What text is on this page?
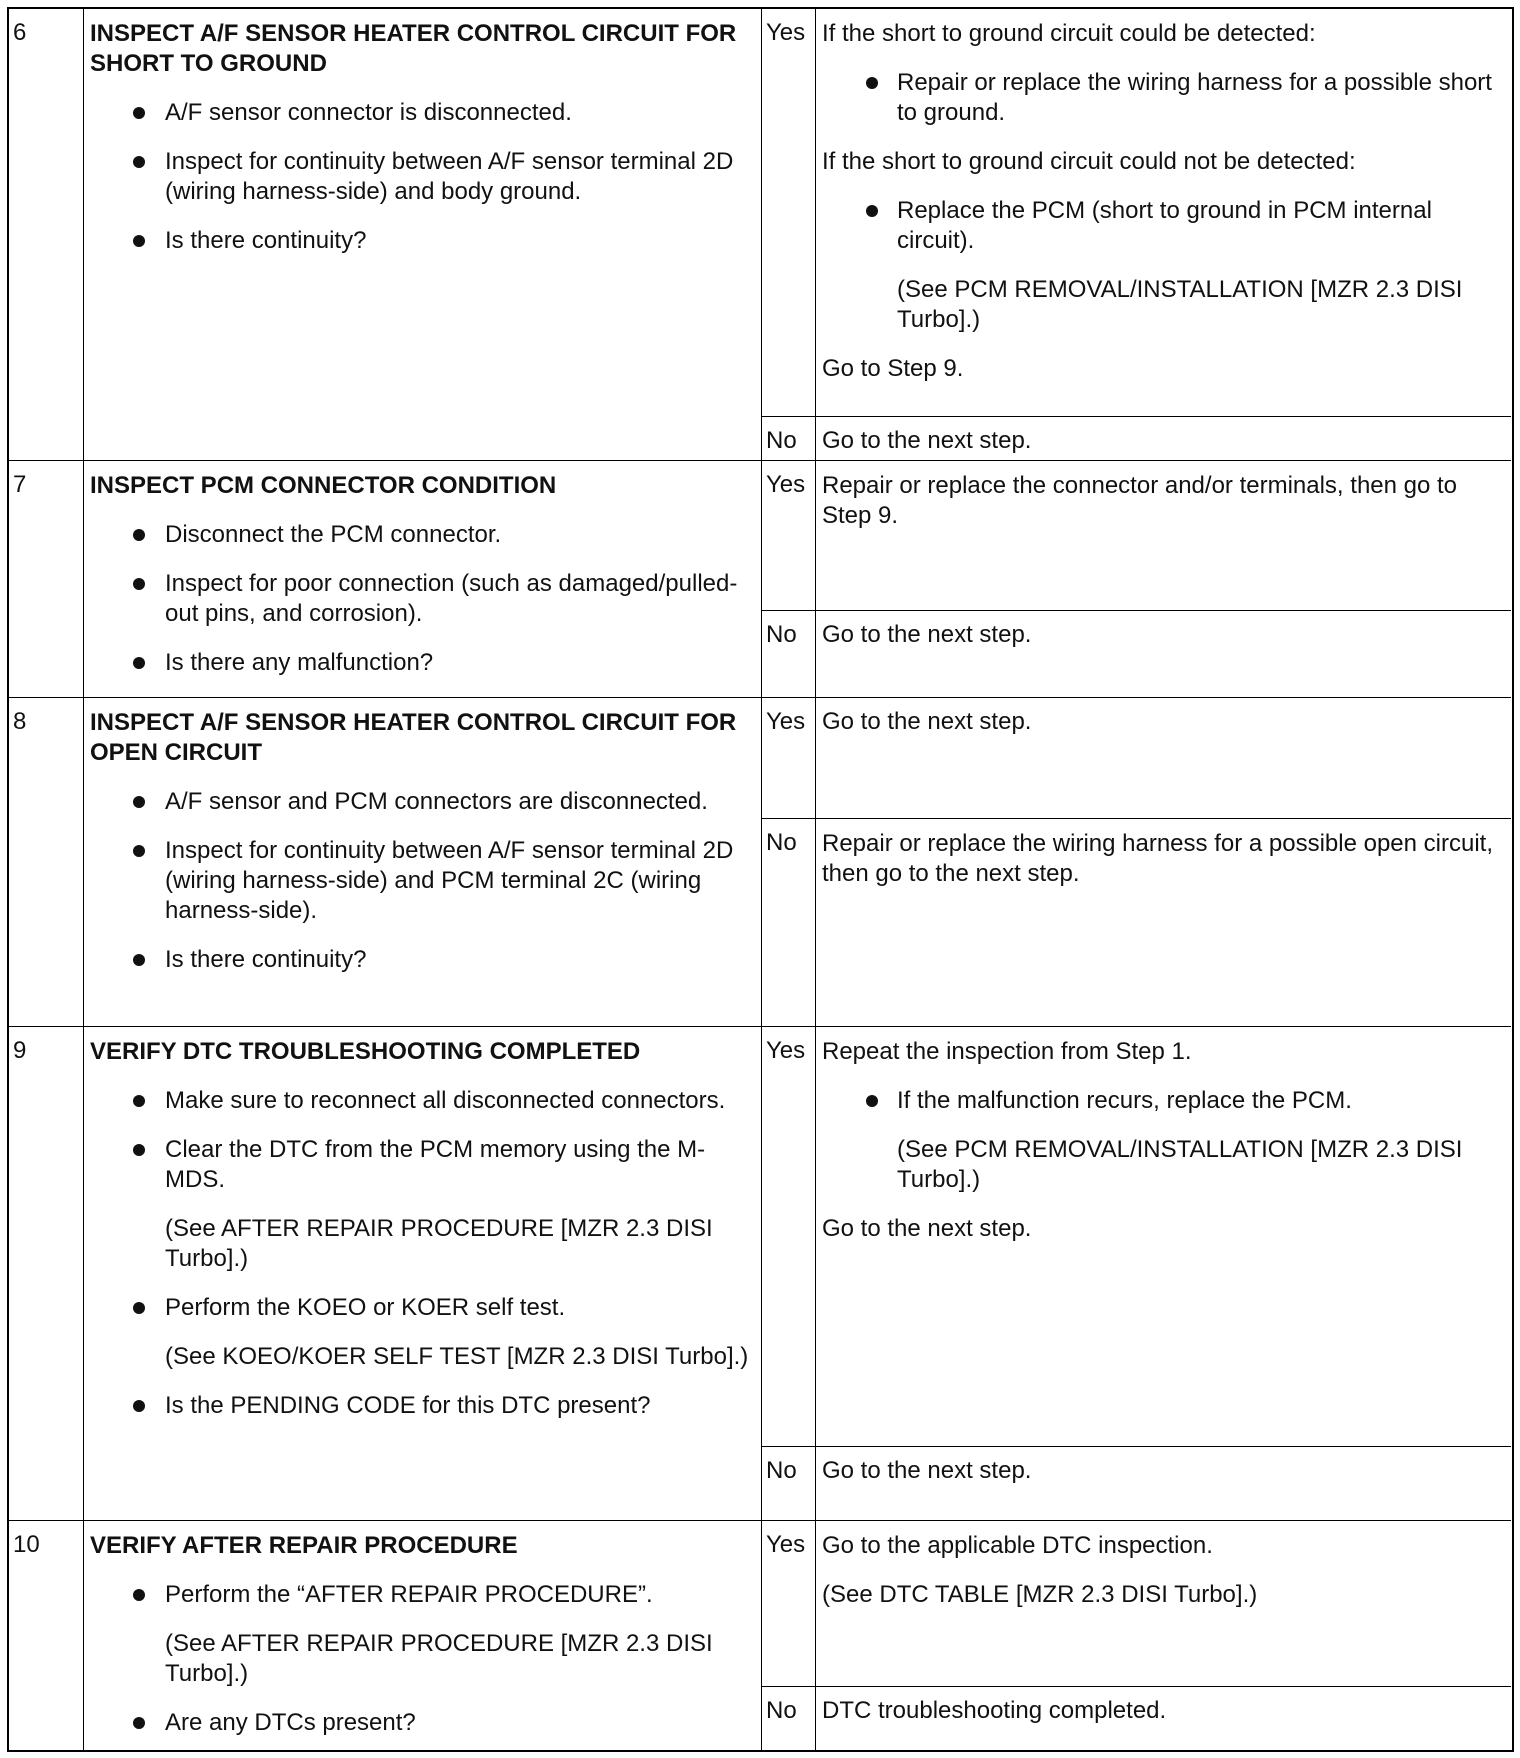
6	INSPECT A/F SENSOR HEATER CONTROL CIRCUIT FOR SHORT TO GROUND
A/F sensor connector is disconnected.
Inspect for continuity between A/F sensor terminal 2D (wiring harness-side) and body ground.
Is there continuity?
Yes If the short to ground circuit could be detected:
Repair or replace the wiring harness for a possible short to ground.
If the short to ground circuit could not be detected:
Replace the PCM (short to ground in PCM internal circuit).
(See PCM REMOVAL/INSTALLATION [MZR 2.3 DISI Turbo].)
Go to Step 9.
No	Go to the next step.
7	INSPECT PCM CONNECTOR CONDITION
Disconnect the PCM connector.
Inspect for poor connection (such as damaged/pulled-out pins, and corrosion).
Is there any malfunction?
Yes Repair or replace the connector and/or terminals, then go to Step 9.
No	Go to the next step.
8	INSPECT A/F SENSOR HEATER CONTROL CIRCUIT FOR OPEN CIRCUIT
A/F sensor and PCM connectors are disconnected.
Inspect for continuity between A/F sensor terminal 2D (wiring harness-side) and PCM terminal 2C (wiring harness-side).
Is there continuity?
Yes Go to the next step.
No	Repair or replace the wiring harness for a possible open circuit, then go to the next step.
9	VERIFY DTC TROUBLESHOOTING COMPLETED
Make sure to reconnect all disconnected connectors.
Clear the DTC from the PCM memory using the M-MDS.
(See AFTER REPAIR PROCEDURE [MZR 2.3 DISI Turbo].)
Perform the KOEO or KOER self test.
(See KOEO/KOER SELF TEST [MZR 2.3 DISI Turbo].)
Is the PENDING CODE for this DTC present?
Yes Repeat the inspection from Step 1.
If the malfunction recurs, replace the PCM.
(See PCM REMOVAL/INSTALLATION [MZR 2.3 DISI Turbo].)
Go to the next step.
No	Go to the next step.
10	VERIFY AFTER REPAIR PROCEDURE
Perform the “AFTER REPAIR PROCEDURE”.
(See AFTER REPAIR PROCEDURE [MZR 2.3 DISI Turbo].)
Are any DTCs present?
Yes Go to the applicable DTC inspection.
(See DTC TABLE [MZR 2.3 DISI Turbo].)
No	DTC troubleshooting completed.
